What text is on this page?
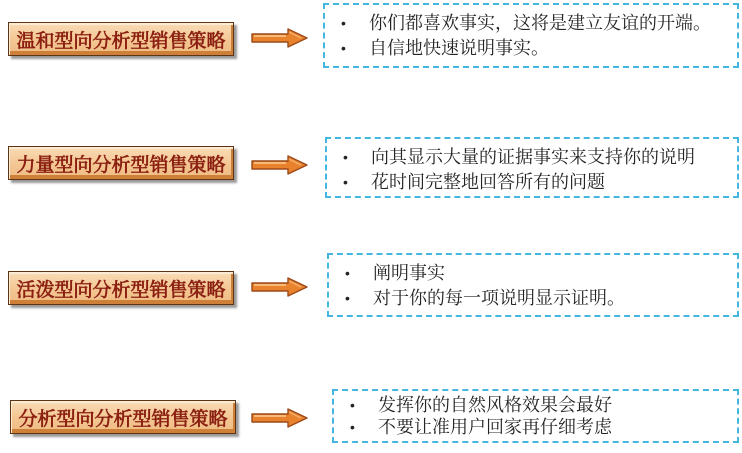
温和型向分析型销售策略
•	你们都喜欢事实，这将是建立友谊的开端。
•	自信地快速说明事实。
力量型向分析型销售策略	•	向其显示大量的证据事实来支持你的说明
•	花时间完整地回答所有的问题
活泼型向分析型销售策略
•	阐明事实
•	对于你的每一项说明显示证明。
分析型向分析型销售策略
•	发挥你的自然风格效果会最好
•	不要让准用户回家再仔细考虑
